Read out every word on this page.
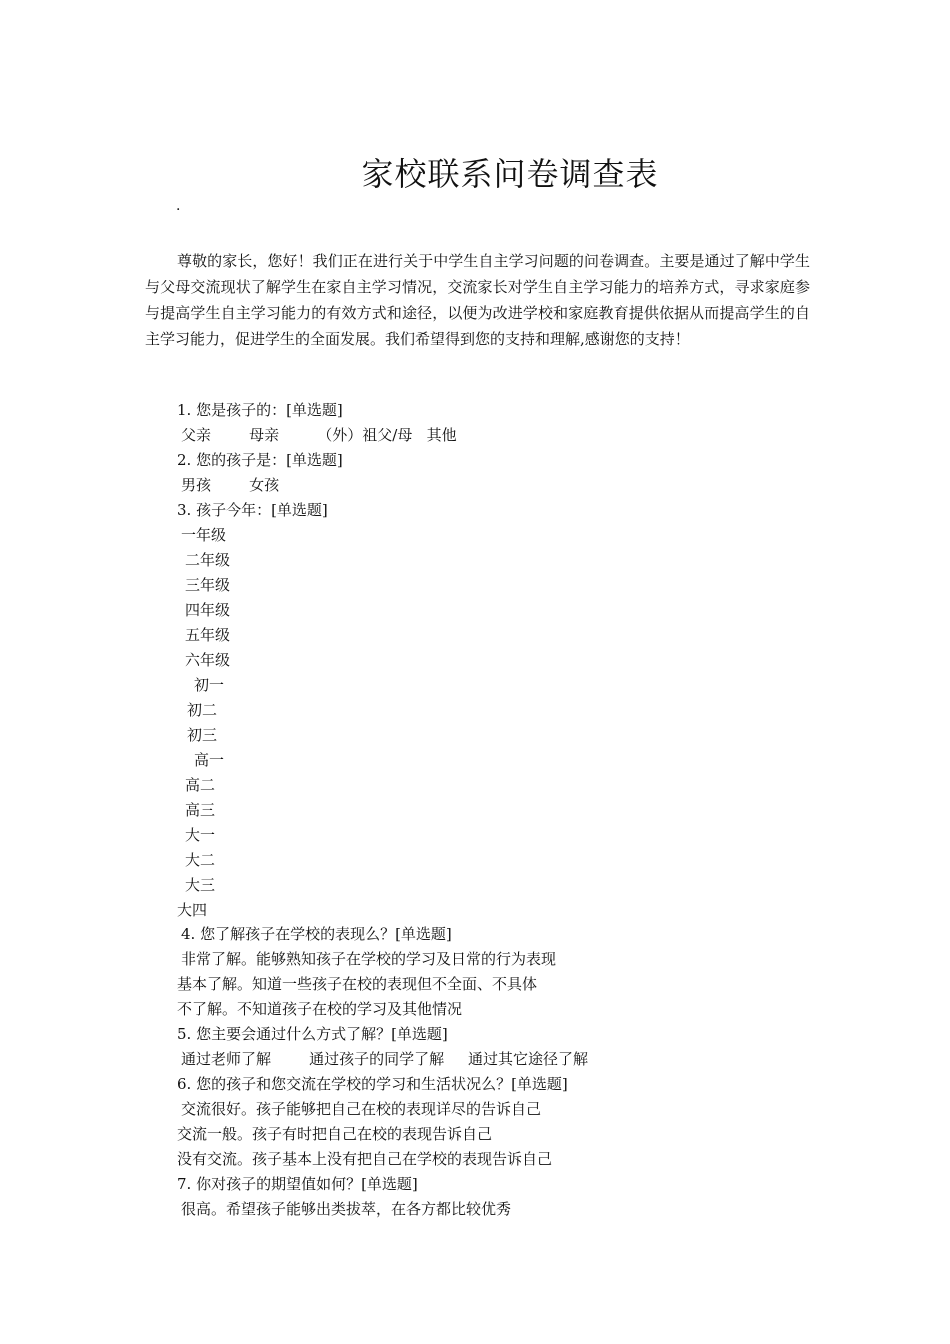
家校联系问卷调查表
·
尊敬的家长，您好！我们正在进行关于中学生自主学习问题的问卷调查。主要是通过了解中学生与父母交流现状了解学生在家自主学习情况，交流家长对学生自主学习能力的培养方式，寻求家庭参与提高学生自主学习能力的有效方式和途径，以便为改进学校和家庭教育提供依据从而提高学生的自主学习能力，促进学生的全面发展。我们希望得到您的支持和理解,感谢您的支持！
1. 您是孩子的：[单选题]
父亲        母亲        （外）祖父/母   其他
2. 您的孩子是：[单选题]
男孩        女孩
3. 孩子今年：[单选题]
一年级
二年级
三年级
四年级
五年级
六年级
初一
初二
初三
高一
高二
高三
大一
大二
大三
大四
4. 您了解孩子在学校的表现么？[单选题]
非常了解。能够熟知孩子在学校的学习及日常的行为表现
基本了解。知道一些孩子在校的表现但不全面、不具体
不了解。不知道孩子在校的学习及其他情况
5. 您主要会通过什么方式了解？[单选题]
通过老师了解        通过孩子的同学了解     通过其它途径了解
6. 您的孩子和您交流在学校的学习和生活状况么？[单选题]
交流很好。孩子能够把自己在校的表现详尽的告诉自己
交流一般。孩子有时把自己在校的表现告诉自己
没有交流。孩子基本上没有把自己在学校的表现告诉自己
7. 你对孩子的期望值如何？[单选题]
很高。希望孩子能够出类拔萃，在各方都比较优秀
